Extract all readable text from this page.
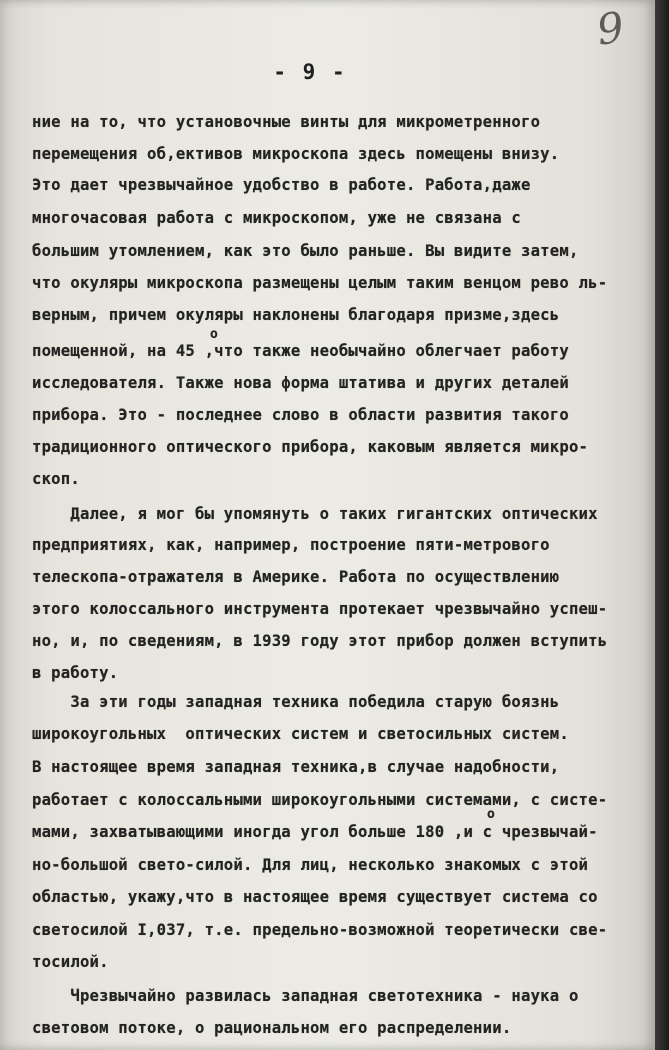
9
- 9 -
ние на то, что установочные винты для микрометренного
перемещения об,ективов микроскопа здесь помещены внизу.
Это дает чрезвычайное удобство в работе. Работа,даже
многочасовая работа с микроскопом, уже не связана с
большим утомлением, как это было раньше. Вы видите затем,
что окуляры микроскопа размещены целым таким венцом рево ль-
верным, причем окуляры наклонены благодаря призме,здесь
о
помещенной, на 45 ,что также необычайно облегчает работу
исследователя. Также нова форма штатива и других деталей
прибора. Это - последнее слово в области развития такого
традиционного оптического прибора, каковым является микро-
скоп.
Далее, я мог бы упомянуть о таких гигантских оптических
предприятиях, как, например, построение пяти-метрового
телескопа-отражателя в Америке. Работа по осуществлению
этого колоссального инструмента протекает чрезвычайно успеш-
но, и, по сведениям, в 1939 году этот прибор должен вступить
в работу.
За эти годы западная техника победила старую боязнь
широкоугольных  оптических систем и светосильных систем.
В настоящее время западная техника,в случае надобности,
работает с колоссальными широкоугольными системами, с систе-
о
мами, захватывающими иногда угол больше 180 ,и с чрезвычай-
но-большой свето-силой. Для лиц, несколько знакомых с этой
областью, укажу,что в настоящее время существует система со
светосилой I,037, т.е. предельно-возможной теоретически све-
тосилой.
Чрезвычайно развилась западная светотехника - наука о
световом потоке, о рациональном его распределении.
